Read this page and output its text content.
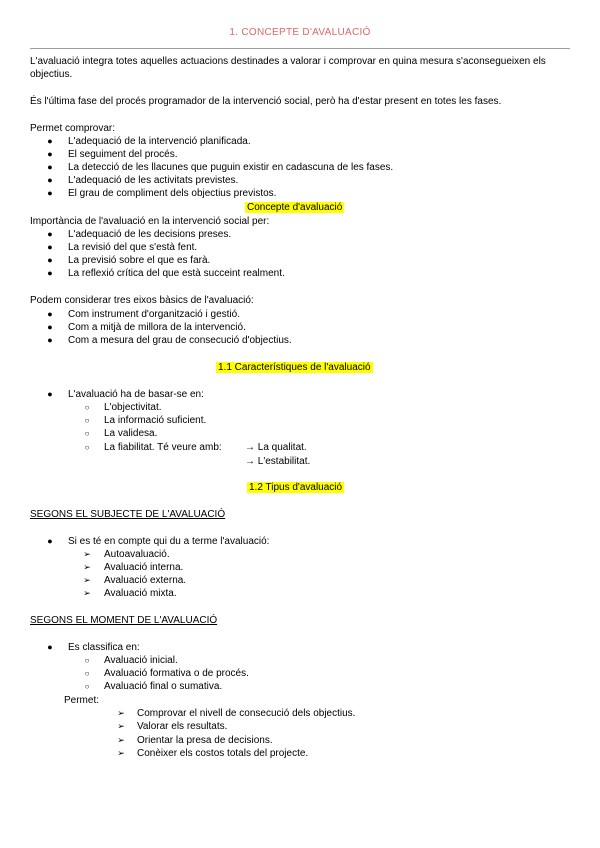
1. CONCEPTE D'AVALUACIÓ
L'avaluació integra totes aquelles actuacions destinades a valorar i comprovar en quina mesura s'aconsegueixen els
objectius.
És l'última fase del procés programador de la intervenció social, però ha d'estar present en totes les fases.
Permet comprovar:
● L'adequació de la intervenció planificada.
● El seguiment del procés.
● La detecció de les llacunes que puguin existir en cadascuna de les fases.
● L'adequació de les activitats previstes.
● El grau de compliment dels objectius previstos.
Concepte d'avaluació
Importància de l'avaluació en la intervenció social per:
● L'adequació de les decisions preses.
● La revisió del que s'està fent.
● La previsió sobre el que es farà.
● La reflexió crítica del que està succeint realment.
Podem considerar tres eixos bàsics de l'avaluació:
● Com instrument d'organització i gestió.
● Com a mitjà de millora de la intervenció.
● Com a mesura del grau de consecució d'objectius.
1.1 Característiques de l'avaluació
● L'avaluació ha de basar-se en:
○ L'objectivitat.
○ La informació suficient.
○ La validesa.
○ La fiabilitat. Té veure amb: → La qualitat.
→ L'estabilitat.
1.2 Tipus d'avaluació
SEGONS EL SUBJECTE DE L'AVALUACIÓ
● Si es té en compte qui du a terme l'avaluació:
➢ Autoavaluació.
➢ Avaluació interna.
➢ Avaluació externa.
➢ Avaluació mixta.
SEGONS EL MOMENT DE L'AVALUACIÓ
● Es classifica en:
○ Avaluació inicial.
○ Avaluació formativa o de procés.
○ Avaluació final o sumativa.
Permet:
➢ Comprovar el nivell de consecució dels objectius.
➢ Valorar els resultats.
➢ Orientar la presa de decisions.
➢ Conèixer els costos totals del projecte.
